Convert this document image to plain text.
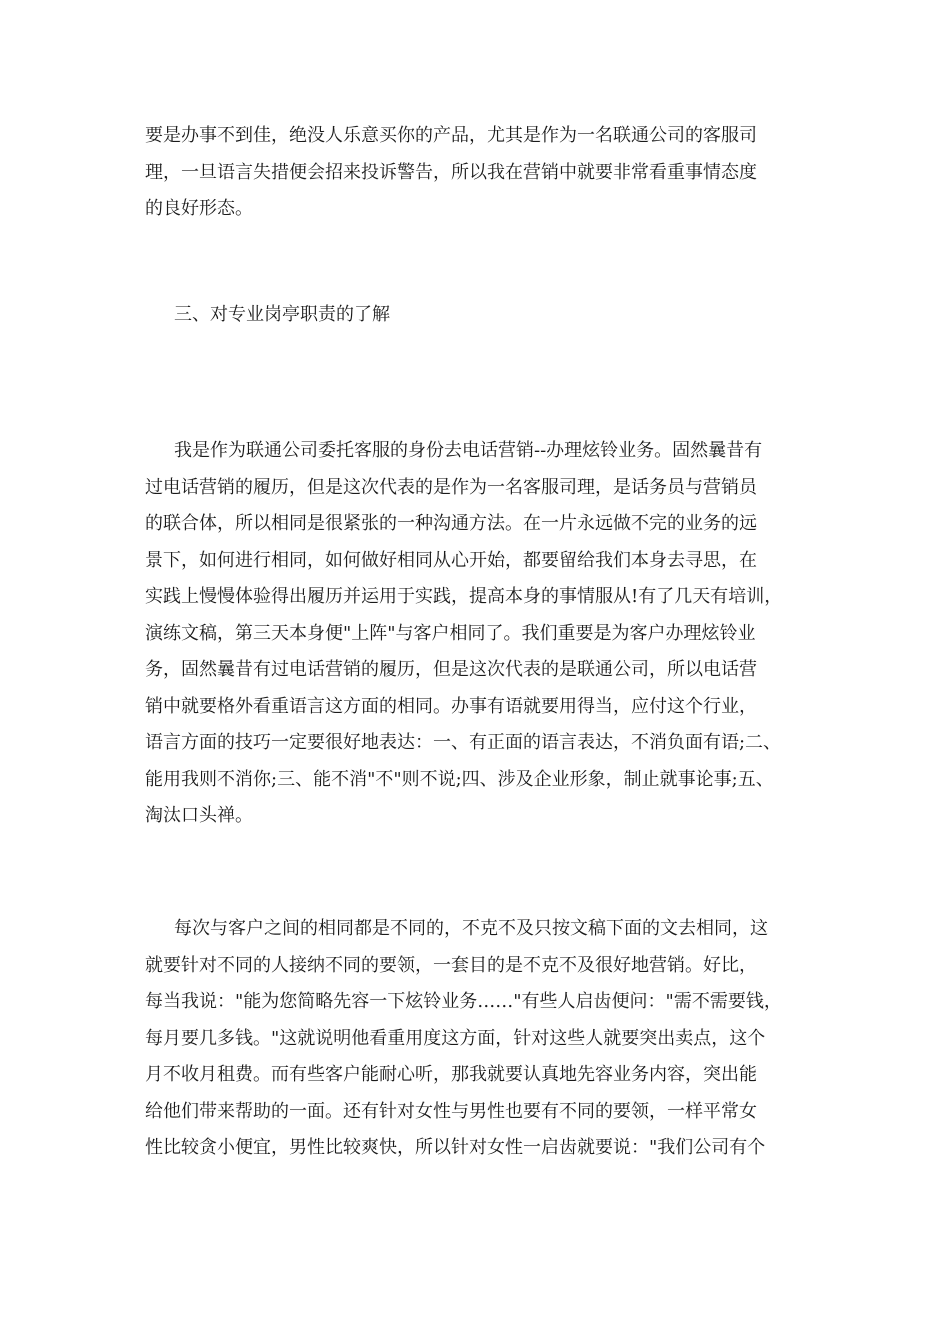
要是办事不到佳，绝没人乐意买你的产品，尤其是作为一名联通公司的客服司
理，一旦语言失措便会招来投诉警告，所以我在营销中就要非常看重事情态度
的良好形态。
三、对专业岗亭职责的了解
我是作为联通公司委托客服的身份去电话营销--办理炫铃业务。固然曩昔有
过电话营销的履历，但是这次代表的是作为一名客服司理，是话务员与营销员
的联合体，所以相同是很紧张的一种沟通方法。在一片永远做不完的业务的远
景下，如何进行相同，如何做好相同从心开始，都要留给我们本身去寻思，在
实践上慢慢体验得出履历并运用于实践，提高本身的事情服从!有了几天有培训，
演练文稿，第三天本身便"上阵"与客户相同了。我们重要是为客户办理炫铃业
务，固然曩昔有过电话营销的履历，但是这次代表的是联通公司，所以电话营
销中就要格外看重语言这方面的相同。办事有语就要用得当，应付这个行业，
语言方面的技巧一定要很好地表达：一、有正面的语言表达，不消负面有语;二、
能用我则不消你;三、能不消"不"则不说;四、涉及企业形象，制止就事论事;五、
淘汰口头禅。
每次与客户之间的相同都是不同的，不克不及只按文稿下面的文去相同，这
就要针对不同的人接纳不同的要领，一套目的是不克不及很好地营销。好比，
每当我说："能为您简略先容一下炫铃业务……"有些人启齿便问："需不需要钱，
每月要几多钱。"这就说明他看重用度这方面，针对这些人就要突出卖点，这个
月不收月租费。而有些客户能耐心听，那我就要认真地先容业务内容，突出能
给他们带来帮助的一面。还有针对女性与男性也要有不同的要领，一样平常女
性比较贪小便宜，男性比较爽快，所以针对女性一启齿就要说："我们公司有个
